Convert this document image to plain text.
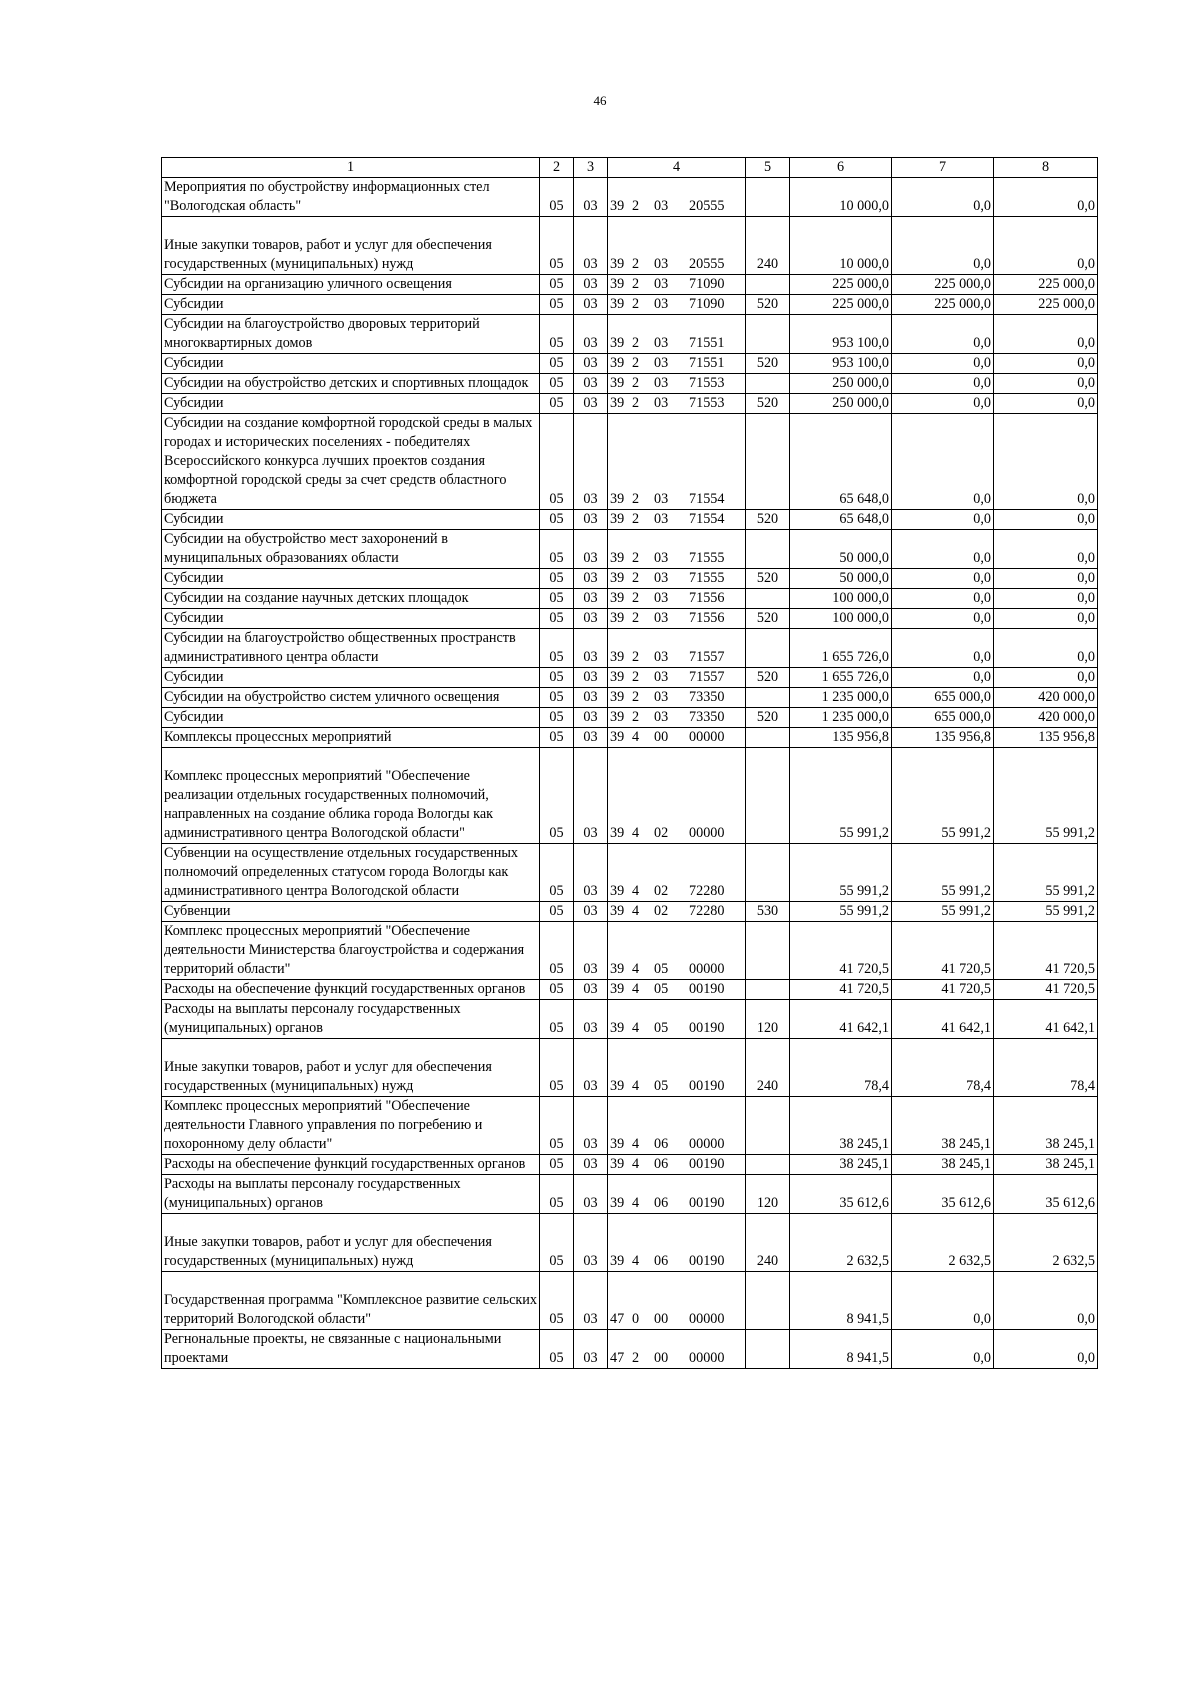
46
1	2	3	4	5	6	7	8
Мероприятия по обустройству информационных стел "Вологодская область"	05	03	39 2 03 20555		10 000,0	0,0	0,0

Иные закупки товаров, работ и услуг для обеспечения государственных (муниципальных) нужд	05	03	39 2 03 20555	240	10 000,0	0,0	0,0
Субсидии на организацию уличного освещения	05	03	39 2 03 71090		225 000,0	225 000,0	225 000,0
Субсидии	05	03	39 2 03 71090	520	225 000,0	225 000,0	225 000,0
Субсидии на благоустройство дворовых территорий многоквартирных домов	05	03	39 2 03 71551		953 100,0	0,0	0,0
Субсидии	05	03	39 2 03 71551	520	953 100,0	0,0	0,0
Субсидии на обустройство детских и спортивных площадок	05	03	39 2 03 71553		250 000,0	0,0	0,0
Субсидии	05	03	39 2 03 71553	520	250 000,0	0,0	0,0
Субсидии на создание комфортной городской среды в малых городах и исторических поселениях - победителях Всероссийского конкурса лучших проектов создания комфортной городской среды за счет средств областного бюджета	05	03	39 2 03 71554		65 648,0	0,0	0,0
Субсидии	05	03	39 2 03 71554	520	65 648,0	0,0	0,0
Субсидии на обустройство мест захоронений в муниципальных образованиях области	05	03	39 2 03 71555		50 000,0	0,0	0,0
Субсидии	05	03	39 2 03 71555	520	50 000,0	0,0	0,0
Субсидии на создание научных детских площадок	05	03	39 2 03 71556		100 000,0	0,0	0,0
Субсидии	05	03	39 2 03 71556	520	100 000,0	0,0	0,0
Субсидии на благоустройство общественных пространств административного центра области	05	03	39 2 03 71557		1 655 726,0	0,0	0,0
Субсидии	05	03	39 2 03 71557	520	1 655 726,0	0,0	0,0
Субсидии на обустройство систем уличного освещения	05	03	39 2 03 73350		1 235 000,0	655 000,0	420 000,0
Субсидии	05	03	39 2 03 73350	520	1 235 000,0	655 000,0	420 000,0
Комплексы процессных мероприятий	05	03	39 4 00 00000		135 956,8	135 956,8	135 956,8

Комплекс процессных мероприятий "Обеспечение реализации отдельных государственных полномочий, направленных на создание облика города Вологды как административного центра Вологодской области"	05	03	39 4 02 00000		55 991,2	55 991,2	55 991,2
Субвенции на осуществление отдельных государственных полномочий определенных статусом города Вологды как административного центра Вологодской области	05	03	39 4 02 72280		55 991,2	55 991,2	55 991,2
Субвенции	05	03	39 4 02 72280	530	55 991,2	55 991,2	55 991,2
Комплекс процессных мероприятий "Обеспечение деятельности Министерства благоустройства и содержания территорий области"	05	03	39 4 05 00000		41 720,5	41 720,5	41 720,5
Расходы на обеспечение функций государственных органов	05	03	39 4 05 00190		41 720,5	41 720,5	41 720,5
Расходы на выплаты персоналу государственных (муниципальных) органов	05	03	39 4 05 00190	120	41 642,1	41 642,1	41 642,1

Иные закупки товаров, работ и услуг для обеспечения государственных (муниципальных) нужд	05	03	39 4 05 00190	240	78,4	78,4	78,4
Комплекс процессных мероприятий "Обеспечение деятельности Главного управления по погребению и похоронному делу области"	05	03	39 4 06 00000		38 245,1	38 245,1	38 245,1
Расходы на обеспечение функций государственных органов	05	03	39 4 06 00190		38 245,1	38 245,1	38 245,1
Расходы на выплаты персоналу государственных (муниципальных) органов	05	03	39 4 06 00190	120	35 612,6	35 612,6	35 612,6

Иные закупки товаров, работ и услуг для обеспечения государственных (муниципальных) нужд	05	03	39 4 06 00190	240	2 632,5	2 632,5	2 632,5

Государственная программа "Комплексное развитие сельских территорий Вологодской области"	05	03	47 0 00 00000		8 941,5	0,0	0,0
Регнональные проекты, не связанные с национальными проектами	05	03	47 2 00 00000		8 941,5	0,0	0,0
